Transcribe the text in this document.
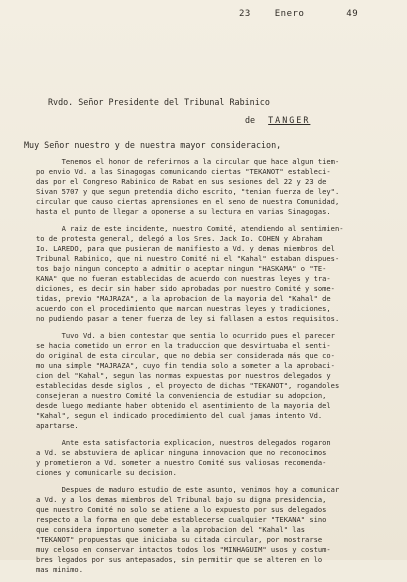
23	Enero	49
Rvdo. Señor Presidente del Tribunal Rabinico
de TANGER
Muy Señor nuestro y de nuestra mayor consideracion,
Tenemos el honor de referirnos a la circular que hace algun tiem-
po envio Vd. a las Sinagogas comunicando ciertas "TEKANOT" estableci-
das por el Congreso Rabinico de Rabat en sus sesiones del 22 y 23 de
Sivan 5707 y que segun pretendia dicho escrito, "tenian fuerza de ley".
circular que causo ciertas aprensiones en el seno de nuestra Comunidad,
hasta el punto de llegar a oponerse a su lectura en varias Sinagogas.
A raiz de este incidente, nuestro Comité, atendiendo al sentimien-
to de protesta general, delegó a los Sres. Jack Io. COHEN y Abraham
Io. LAREDO, para que pusieran de manifiesto a Vd. y demas miembros del
Tribunal Rabinico, que ni nuestro Comité ni el "Kahal" estaban dispues-
tos bajo ningun concepto a admitir o aceptar ningun "HASKAMA" o "TE-
KANA" que no fueran establecidas de acuerdo con nuestras leyes y tra-
diciones, es decir sin haber sido aprobadas por nuestro Comité y some-
tidas, previo "MAJRAZA", a la aprobacion de la mayoria del "Kahal" de
acuerdo con el procedimiento que marcan nuestras leyes y tradiciones,
no pudiendo pasar a tener fuerza de ley si fallasen a estos requisitos.
Tuvo Vd. a bien contestar que sentia lo ocurrido pues el parecer
se hacia cometido un error en la traduccion que desvirtuaba el senti-
do original de esta circular, que no debia ser considerada más que co-
mo una simple "MAJRAZA", cuyo fin tendia solo a someter a la aprobaci-
cion del "Kahal", segun las normas expuestas por nuestros delegados y
establecidas desde siglos , el proyecto de dichas "TEKANOT", rogandoles
consejeran a nuestro Comité la conveniencia de estudiar su adopcion,
desde luego mediante haber obtenido el asentimiento de la mayoria del
"Kahal", segun el indicado procedimiento del cual jamas intento Vd.
apartarse.
Ante esta satisfactoria explicacion, nuestros delegados rogaron
a Vd. se abstuviera de aplicar ninguna innovacion que no reconocimos
y prometieron a Vd. someter a nuestro Comité sus valiosas recomenda-
ciones y comunicarle su decision.
Despues de maduro estudio de este asunto, venimos hoy a comunicar
a Vd. y a los demas miembros del Tribunal bajo su digna presidencia,
que nuestro Comité no solo se atiene a lo expuesto por sus delegados
respecto a la forma en que debe establecerse cualquier "TEKANA" sino
que considera importuno someter a la aprobacion del "Kahal" las
"TEKANOT" propuestas que iniciaba su citada circular, por mostrarse
muy celoso en conservar intactos todos los "MINHAGUIM" usos y costum-
bres legados por sus antepasados, sin permitir que se alteren en lo
mas minimo.
